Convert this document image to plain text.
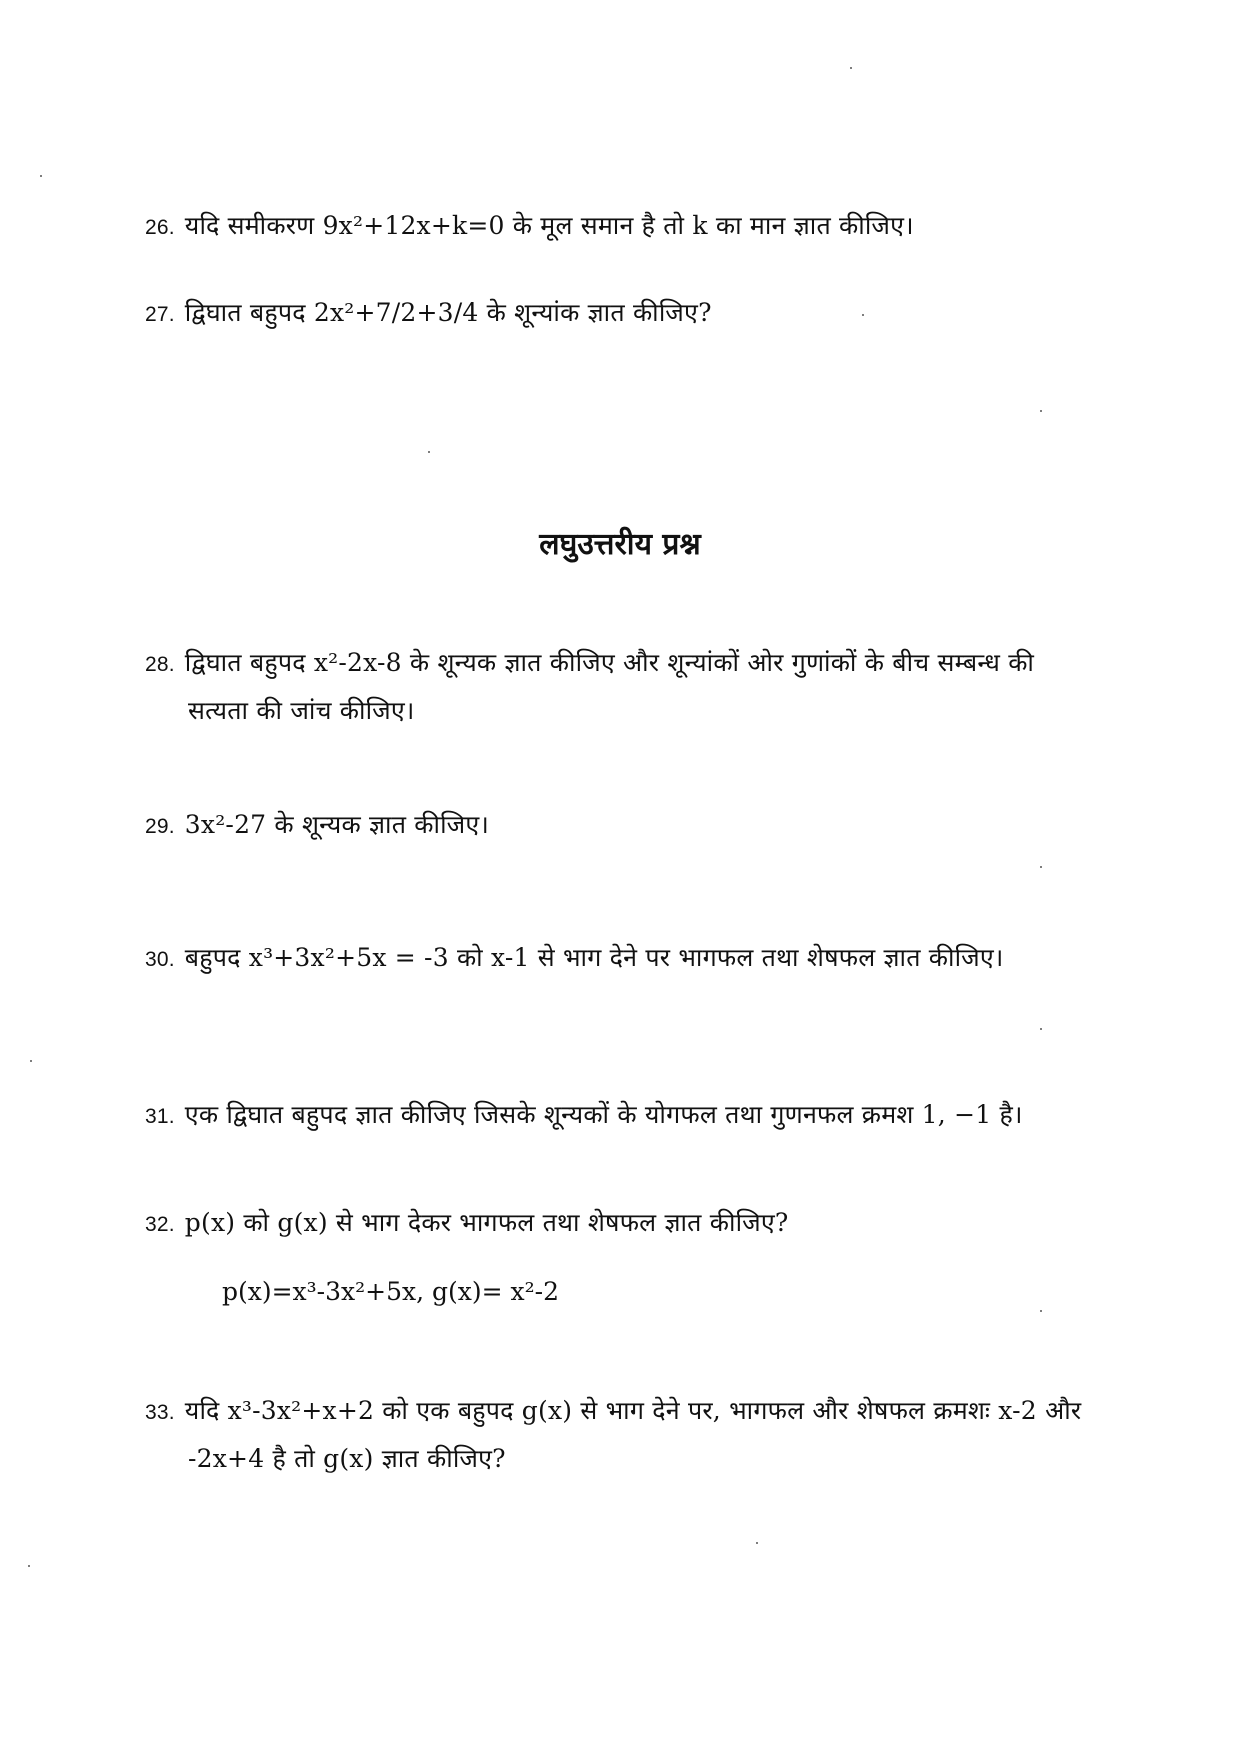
26. यदि समीकरण 9x²+12x+k=0 के मूल समान है तो k का मान ज्ञात कीजिए।
27. द्विघात बहुपद 2x²+7/2+3/4 के शून्यांक ज्ञात कीजिए?
लघुउत्तरीय प्रश्न
28. द्विघात बहुपद x²-2x-8 के शून्यक ज्ञात कीजिए और शून्यांकों ओर गुणांकों के बीच सम्बन्ध की
सत्यता की जांच कीजिए।
29. 3x²-27 के शून्यक ज्ञात कीजिए।
30. बहुपद x³+3x²+5x = -3 को x-1 से भाग देने पर भागफल तथा शेषफल ज्ञात कीजिए।
31. एक द्विघात बहुपद ज्ञात कीजिए जिसके शून्यकों के योगफल तथा गुणनफल क्रमश 1, −1 है।
32. p(x) को g(x) से भाग देकर भागफल तथा शेषफल ज्ञात कीजिए?
p(x)=x³-3x²+5x, g(x)= x²-2
33. यदि x³-3x²+x+2 को एक बहुपद g(x) से भाग देने पर, भागफल और शेषफल क्रमशः x-2 और
-2x+4 है तो g(x) ज्ञात कीजिए?
